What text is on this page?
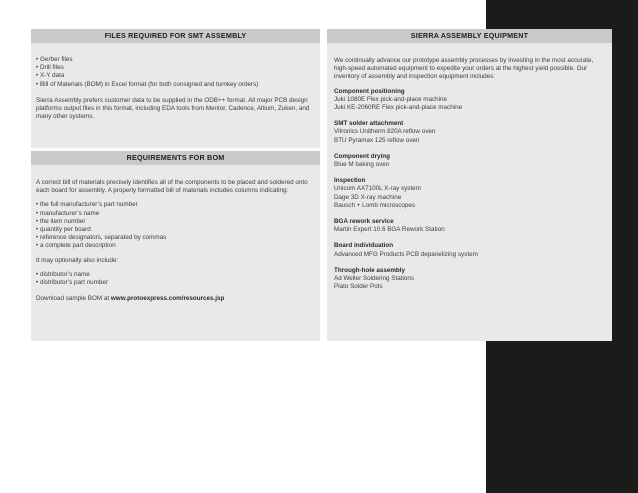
FILES REQUIRED FOR SMT ASSEMBLY
• Gerber files
• Drill files
• X-Y data
• Bill of Materials (BOM) in Excel format (for both consigned and turnkey orders)

Sierra Assembly prefers customer data to be supplied in the ODB++ format. All major PCB design platforms output files in this format, including EDA tools from Mentor, Cadence, Altium, Zuken, and many other systems.

REQUIREMENTS FOR BOM

A correct bill of materials precisely identifies all of the components to be placed and soldered onto each board for assembly. A properly formatted bill of materials includes columns indicating:

• the full manufacturer’s part number
• manufacturer’s name
• the item number
• quantity per board
• reference designators, separated by commas
• a complete part description

It may optionally also include:

• distributor’s name
• distributor’s part number

Download sample BOM at www.protoexpress.com/resources.jsp

SIERRA ASSEMBLY EQUIPMENT

We continually advance our prototype assembly processes by investing in the most accurate, high-speed automated equipment to expedite your orders at the highest yield possible. Our inventory of assembly and inspection equipment includes:

Component positioning

Juki 1080E Flex pick-and-place machine

Juki KE-2060RE Flex pick-and-place machine

SMT solder attachment

Vitronics Unitherm 820A reflow oven

BTU Pyramax 125 reflow oven

Component drying

Blue M baking oven

Inspection

Unicom AX7100L X-ray system

Dage 3D X-ray machine

Bausch + Lomb microscopes

BGA rework service

Martin Expert 10.6 BGA Rework Station

Board individuation

Advanced MFG Products PCB depanelizing system

Through-hole assembly

Ad Weller Soldering Stations

Plato Solder Pots
